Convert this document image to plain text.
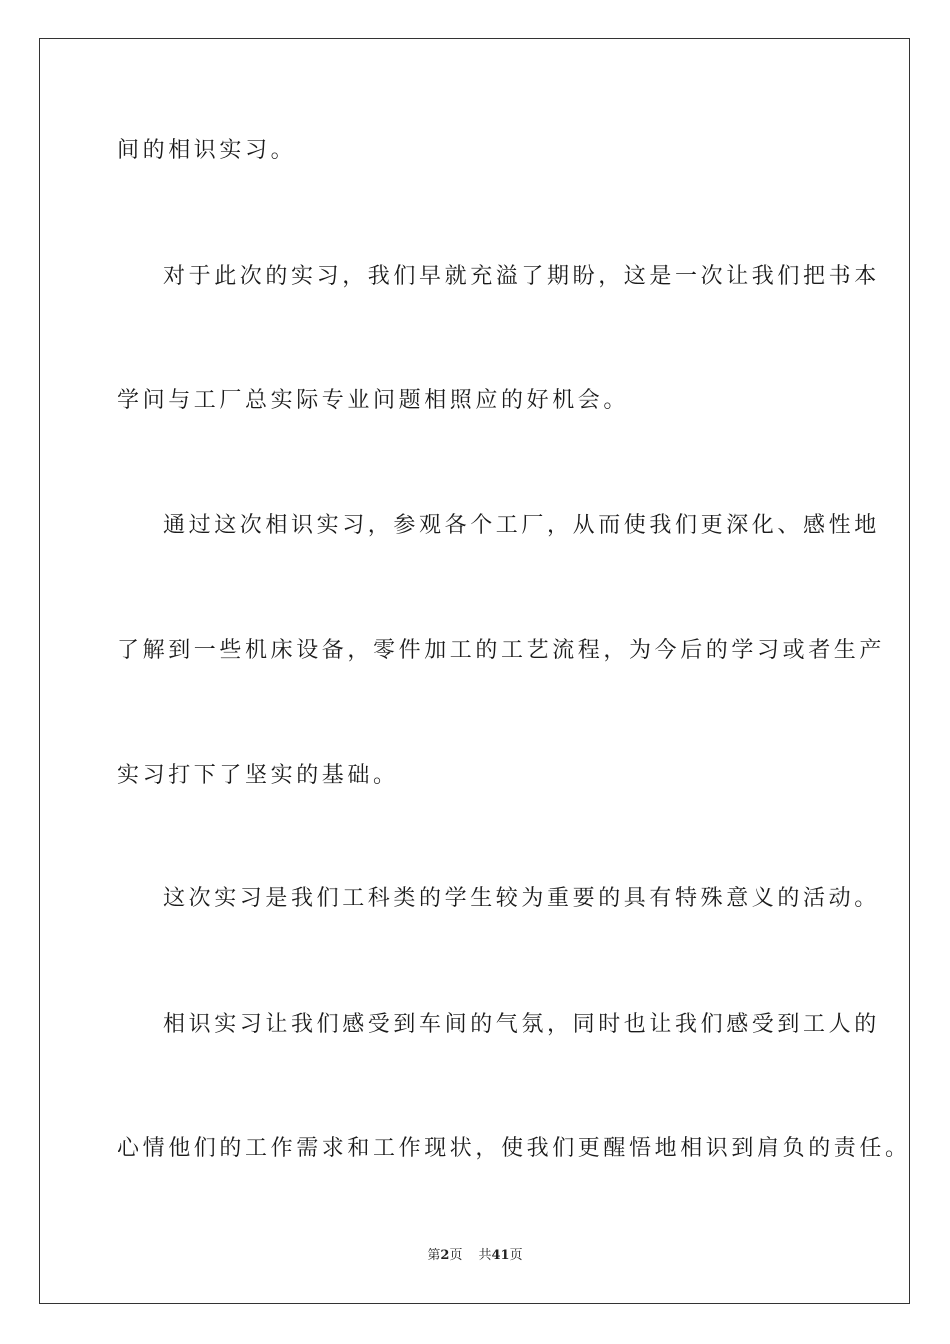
间的相识实习。

对于此次的实习，我们早就充溢了期盼，这是一次让我们把书本

学问与工厂总实际专业问题相照应的好机会。

通过这次相识实习，参观各个工厂，从而使我们更深化、感性地

了解到一些机床设备，零件加工的工艺流程，为今后的学习或者生产

实习打下了坚实的基础。

这次实习是我们工科类的学生较为重要的具有特殊意义的活动。

相识实习让我们感受到车间的气氛，同时也让我们感受到工人的

心情他们的工作需求和工作现状，使我们更醒悟地相识到肩负的责任。

第2页 共41页
